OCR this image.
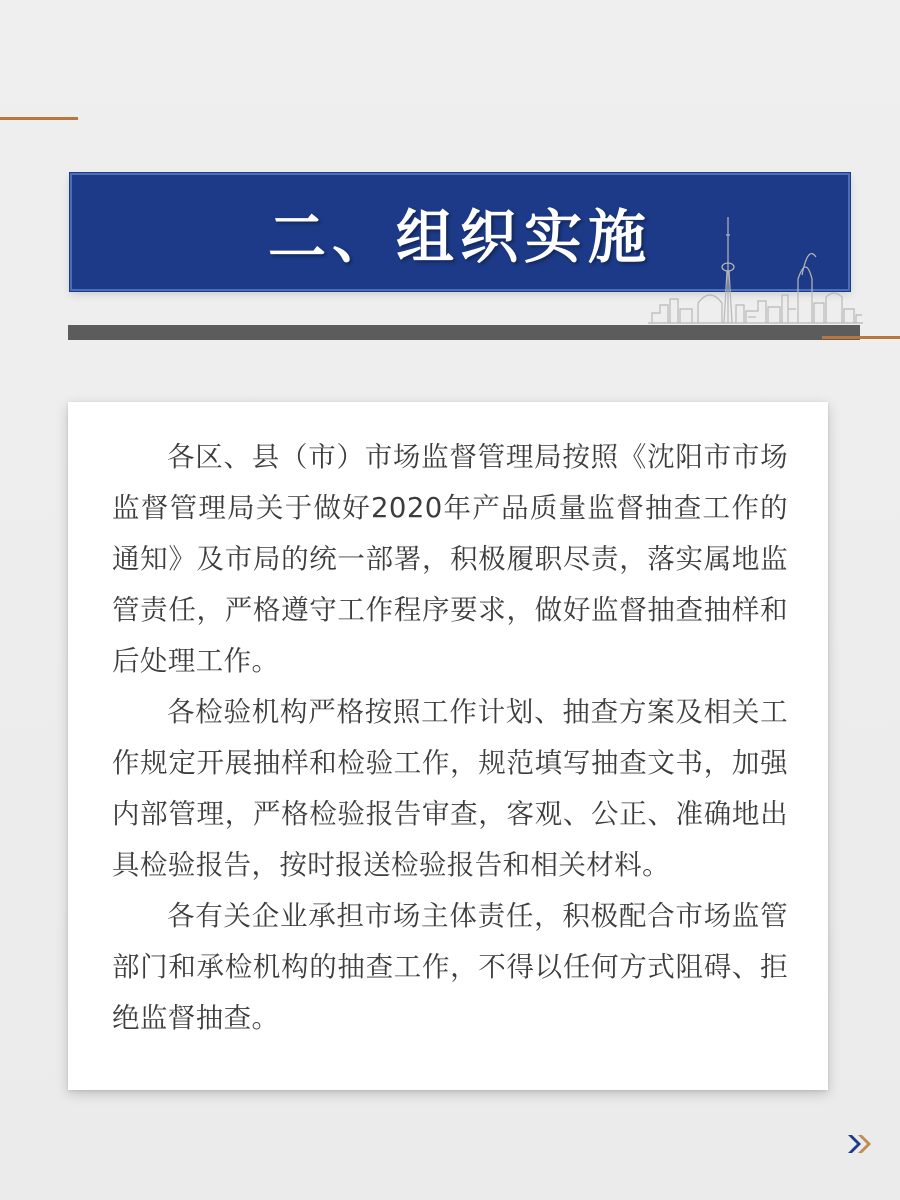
二、组织实施

各区、县（市）市场监督管理局按照《沈阳市市场监督管理局关于做好2020年产品质量监督抽查工作的通知》及市局的统一部署，积极履职尽责，落实属地监管责任，严格遵守工作程序要求，做好监督抽查抽样和后处理工作。

各检验机构严格按照工作计划、抽查方案及相关工作规定开展抽样和检验工作，规范填写抽查文书，加强内部管理，严格检验报告审查，客观、公正、准确地出具检验报告，按时报送检验报告和相关材料。

各有关企业承担市场主体责任，积极配合市场监管部门和承检机构的抽查工作，不得以任何方式阻碍、拒绝监督抽查。
